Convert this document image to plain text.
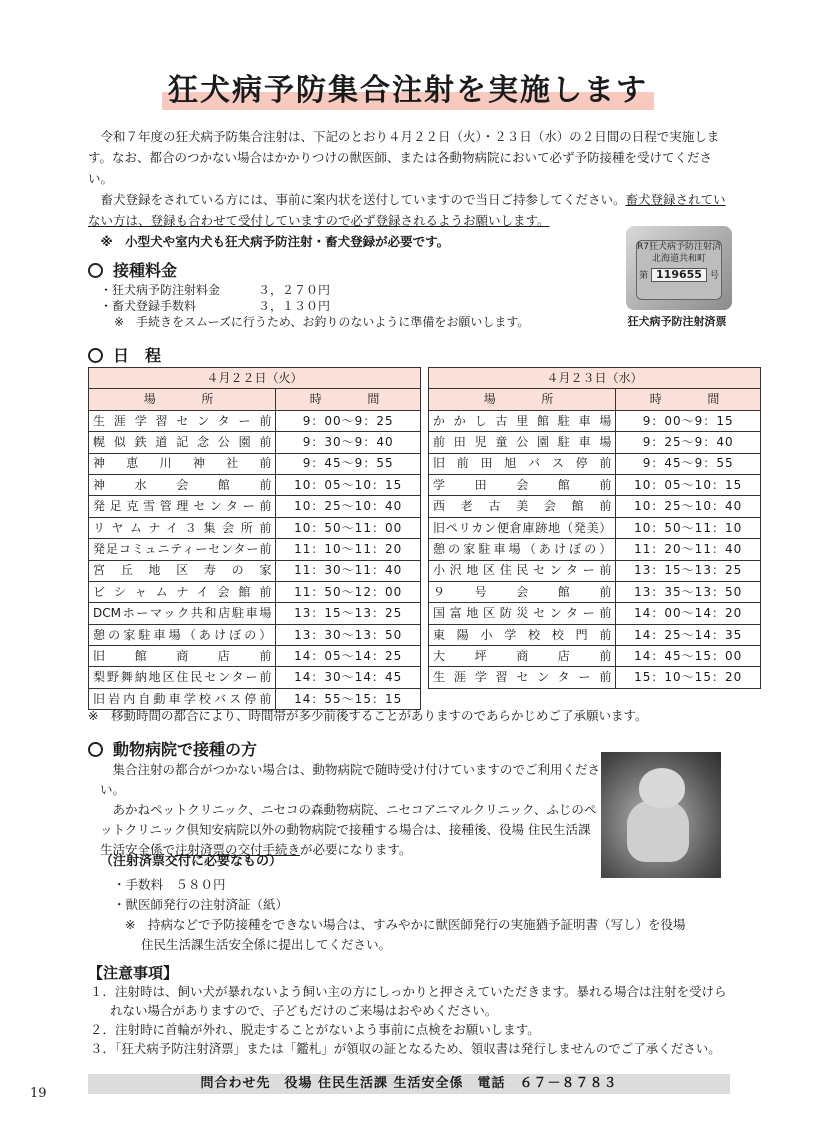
狂犬病予防集合注射を実施します

令和７年度の狂犬病予防集合注射は、下記のとおり４月２２日（火）・２３日（水）の２日間の日程で実施します。なお、都合のつかない場合はかかりつけの獣医師、または各動物病院において必ず予防接種を受けてください。

畜犬登録をされている方には、事前に案内状を送付していますので当日ご持参してください。畜犬登録されていない方は、登録も合わせて受付していますので必ず登録されるようお願いします。

※　小型犬や室内犬も狂犬病予防注射・畜犬登録が必要です。	R7狂犬病予防注射済
北海道共和町
第 119655 号
狂犬病予防注射済票
接種料金
・狂犬病予防注射料金	３，２７０円
・畜犬登録手数料	３，１３０円
※　手続きをスムーズに行うため、お釣りのないように準備をお願いします。
日　程
４月２２日（火）	
場　　所	時　　間
生涯学習センター前	9：00～9：25
幌似鉄道記念公園前	9：30～9：40
神恵川神社前	9：45～9：55
神水会館前	10：05～10：15
発足克雪管理センター前	10：25～10：40
リヤムナイ３集会所前	10：50～11：00
発足コミュニティーセンター前	11：10～11：20
宮丘地区寿の家	11：30～11：40
ビシャムナイ会館前	11：50～12：00
DCMホーマック共和店駐車場	13：15～13：25
憩の家駐車場（あけぼの）	13：30～13：50
旧館商店前	14：05～14：25
梨野舞納地区住民センター前	14：30～14：45
旧岩内自動車学校バス停前	14：55～15：15
４月２３日（水）	
場　　所	時　　間
かかし古里館駐車場	9：00～9：15
前田児童公園駐車場	9：25～9：40
旧前田旭バス停前	9：45～9：55
学田会館前	10：05～10：15
西老古美会館前	10：25～10：40
旧ペリカン便倉庫跡地（発美）	10：50～11：10
憩の家駐車場（あけぼの）	11：20～11：40
小沢地区住民センター前	13：15～13：25
９号会館前	13：35～13：50
国富地区防災センター前	14：00～14：20
東陽小学校校門前	14：25～14：35
大坪商店前	14：45～15：00
生涯学習センター前	15：10～15：20
※　移動時間の都合により、時間帯が多少前後することがありますのであらかじめご了承願います。
動物病院で接種の方

集合注射の都合がつかない場合は、動物病院で随時受け付けていますのでご利用ください。

あかねペットクリニック、ニセコの森動物病院、ニセコアニマルクリニック、ふじのペットクリニック倶知安病院以外の動物病院で接種する場合は、接種後、役場 住民生活課 生活安全係で注射済票の交付手続きが必要になります。

（注射済票交付に必要なもの）
・手数料　５８０円
・獣医師発行の注射済証（紙）
※　持病などで予防接種をできない場合は、すみやかに獣医師発行の実施猶予証明書（写し）を役場
住民生活課生活安全係に提出してください。
【注意事項】
１．注射時は、飼い犬が暴れないよう飼い主の方にしっかりと押さえていただきます。暴れる場合は注射を受けられない場合がありますので、子どもだけのご来場はおやめください。
２．注射時に首輪が外れ、脱走することがないよう事前に点検をお願いします。
３．「狂犬病予防注射済票」または「鑑札」が領収の証となるため、領収書は発行しませんのでご了承ください。
問合わせ先　役場 住民生活課 生活安全係　電話　６７－８７８３
19
